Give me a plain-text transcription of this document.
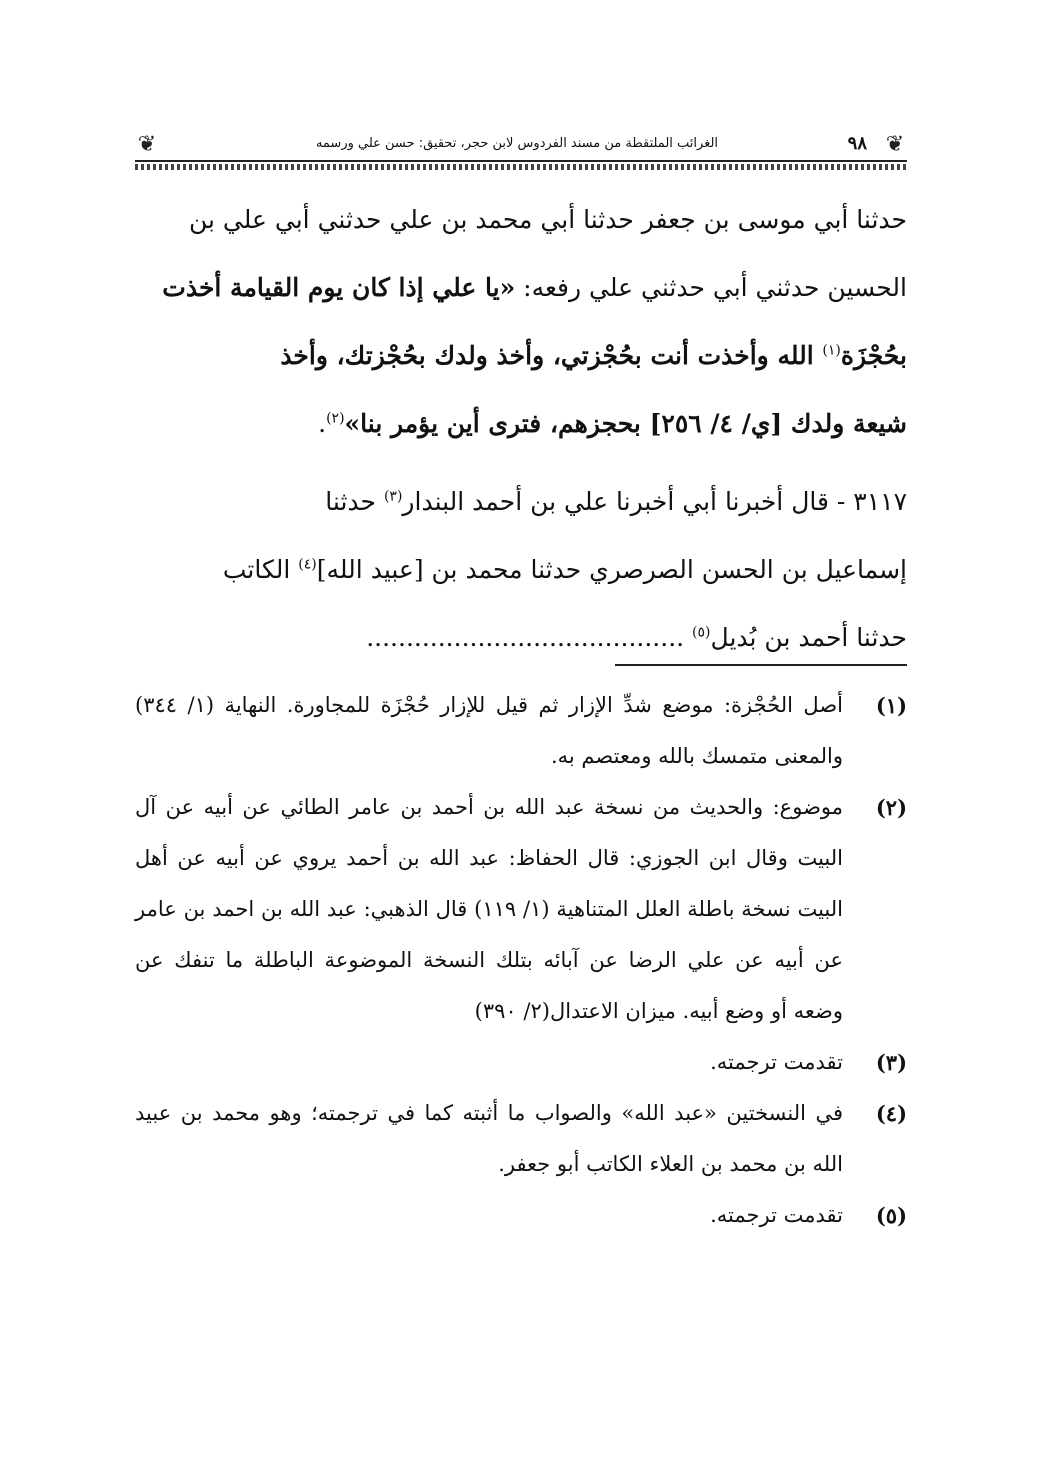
❦
٩٨
الغرائب الملتقطة من مسند الفردوس لابن حجر، تحقيق: حسن علي ورسمه
❦

حدثنا أبي موسى بن جعفر حدثنا أبي محمد بن علي حدثني أبي علي بن

الحسين حدثني أبي حدثني علي رفعه: «يا علي إذا كان يوم القيامة أخذت

بحُجْزَة$^{(١)}$ الله وأخذت أنت بحُجْزتي، وأخذ ولدك بحُجْزتك، وأخذ

شيعة ولدك [ي/ ٤/ ٢٥٦] بحجزهم، فترى أين يؤمر بنا»$^{(٢)}$.

٣١١٧ - قال أخبرنا أبي أخبرنا علي بن أحمد البندار$^{(٣)}$ حدثنا

إسماعيل بن الحسن الصرصري حدثنا محمد بن [عبيد الله]$^{(٤)}$ الكاتب

حدثنا أحمد بن بُديل$^{(٥)}$ ........................................

(١)
أصل الحُجْزة: موضع شدِّ الإزار ثم قيل للإزار حُجْزَة للمجاورة. النهاية (١/ ٣٤٤) والمعنى متمسك بالله ومعتصم به.
(٢)
موضوع: والحديث من نسخة عبد الله بن أحمد بن عامر الطائي عن أبيه عن آل البيت وقال ابن الجوزي: قال الحفاظ: عبد الله بن أحمد يروي عن أبيه عن أهل البيت نسخة باطلة العلل المتناهية (١/ ١١٩) قال الذهبي: عبد الله بن احمد بن عامر عن أبيه عن علي الرضا عن آبائه بتلك النسخة الموضوعة الباطلة ما تنفك عن وضعه أو وضع أبيه. ميزان الاعتدال(٢/ ٣٩٠)
(٣)
تقدمت ترجمته.
(٤)
في النسختين «عبد الله» والصواب ما أثبته كما في ترجمته؛ وهو محمد بن عبيد الله بن محمد بن العلاء الكاتب أبو جعفر.
(٥)
تقدمت ترجمته.
